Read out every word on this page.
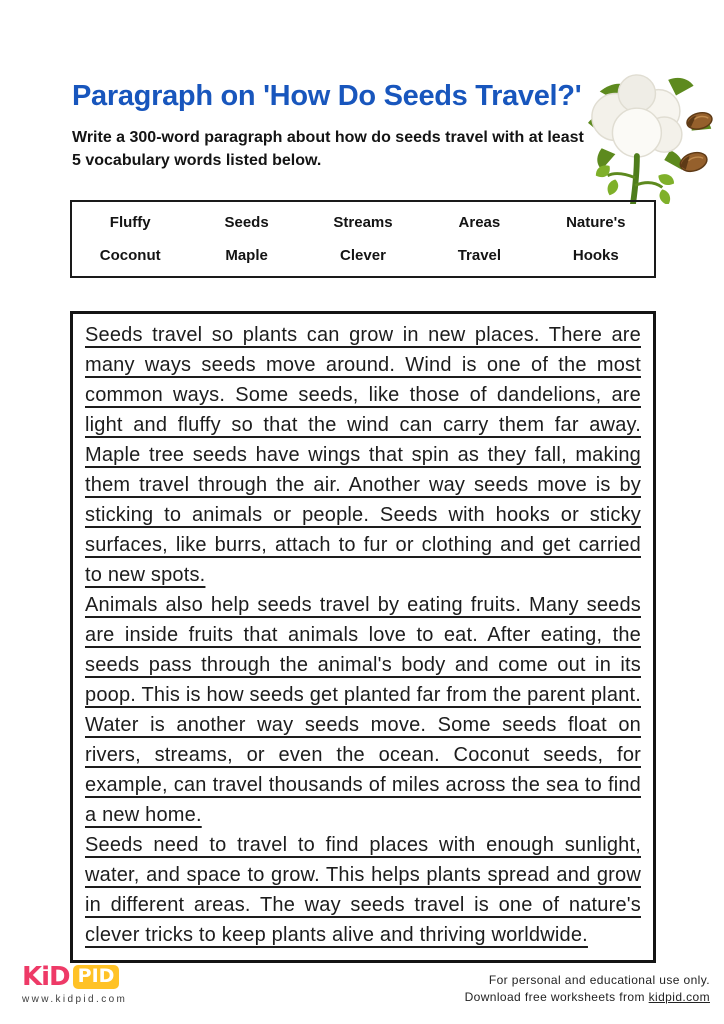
Paragraph on 'How Do Seeds Travel?'
Write a 300-word paragraph about how do seeds travel with at least
5 vocabulary words listed below.
Fluffy	Seeds	Streams	Areas	Nature's
Coconut	Maple	Clever	Travel	Hooks

Seeds travel so plants can grow in new places. There are many ways seeds move around. Wind is one of the most common ways. Some seeds, like those of dandelions, are light and fluffy so that the wind can carry them far away. Maple tree seeds have wings that spin as they fall, making them travel through the air. Another way seeds move is by sticking to animals or people. Seeds with hooks or sticky surfaces, like burrs, attach to fur or clothing and get carried to new spots.

Animals also help seeds travel by eating fruits. Many seeds are inside fruits that animals love to eat. After eating, the seeds pass through the animal's body and come out in its poop. This is how seeds get planted far from the parent plant. Water is another way seeds move. Some seeds float on rivers, streams, or even the ocean. Coconut seeds, for example, can travel thousands of miles across the sea to find a new home.

Seeds need to travel to find places with enough sunlight, water, and space to grow. This helps plants spread and grow in different areas. The way seeds travel is one of nature's clever tricks to keep plants alive and thriving worldwide.

KiD PID
www.kidpid.com
For personal and educational use only.
Download free worksheets from kidpid.com
